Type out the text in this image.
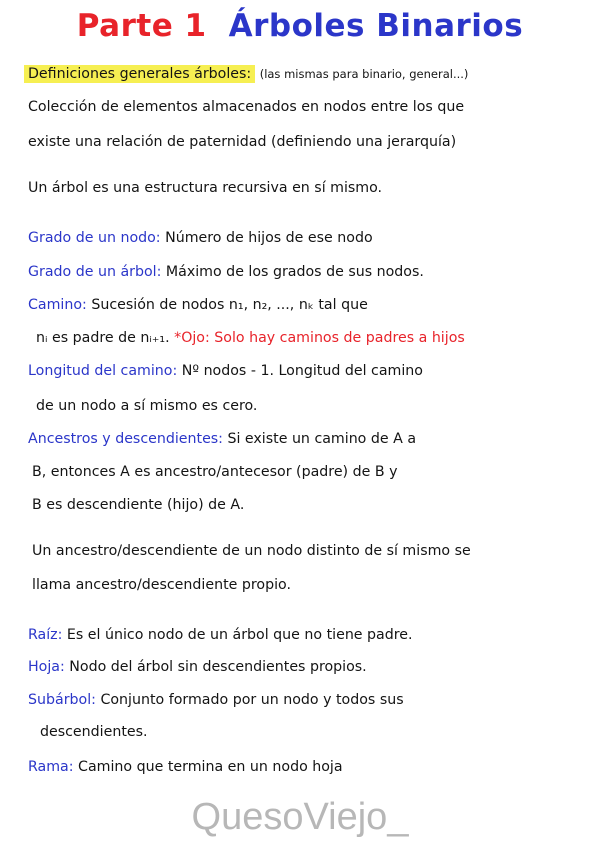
Parte 1 Árboles Binarios
Definiciones generales árboles: (las mismas para binario, general...)
Colección de elementos almacenados en nodos entre los que
existe una relación de paternidad (definiendo una jerarquía)
Un árbol es una estructura recursiva en sí mismo.
Grado de un nodo: Número de hijos de ese nodo
Grado de un árbol: Máximo de los grados de sus nodos.
Camino: Sucesión de nodos n₁, n₂, ..., nₖ tal que
nᵢ es padre de nᵢ₊₁. *Ojo: Solo hay caminos de padres a hijos
Longitud del camino: Nº nodos - 1. Longitud del camino
de un nodo a sí mismo es cero.
Ancestros y descendientes: Si existe un camino de A a
B, entonces A es ancestro/antecesor (padre) de B y
B es descendiente (hijo) de A.
Un ancestro/descendiente de un nodo distinto de sí mismo se
llama ancestro/descendiente propio.
Raíz: Es el único nodo de un árbol que no tiene padre.
Hoja: Nodo del árbol sin descendientes propios.
Subárbol: Conjunto formado por un nodo y todos sus
descendientes.
Rama: Camino que termina en un nodo hoja
QuesoViejo_
